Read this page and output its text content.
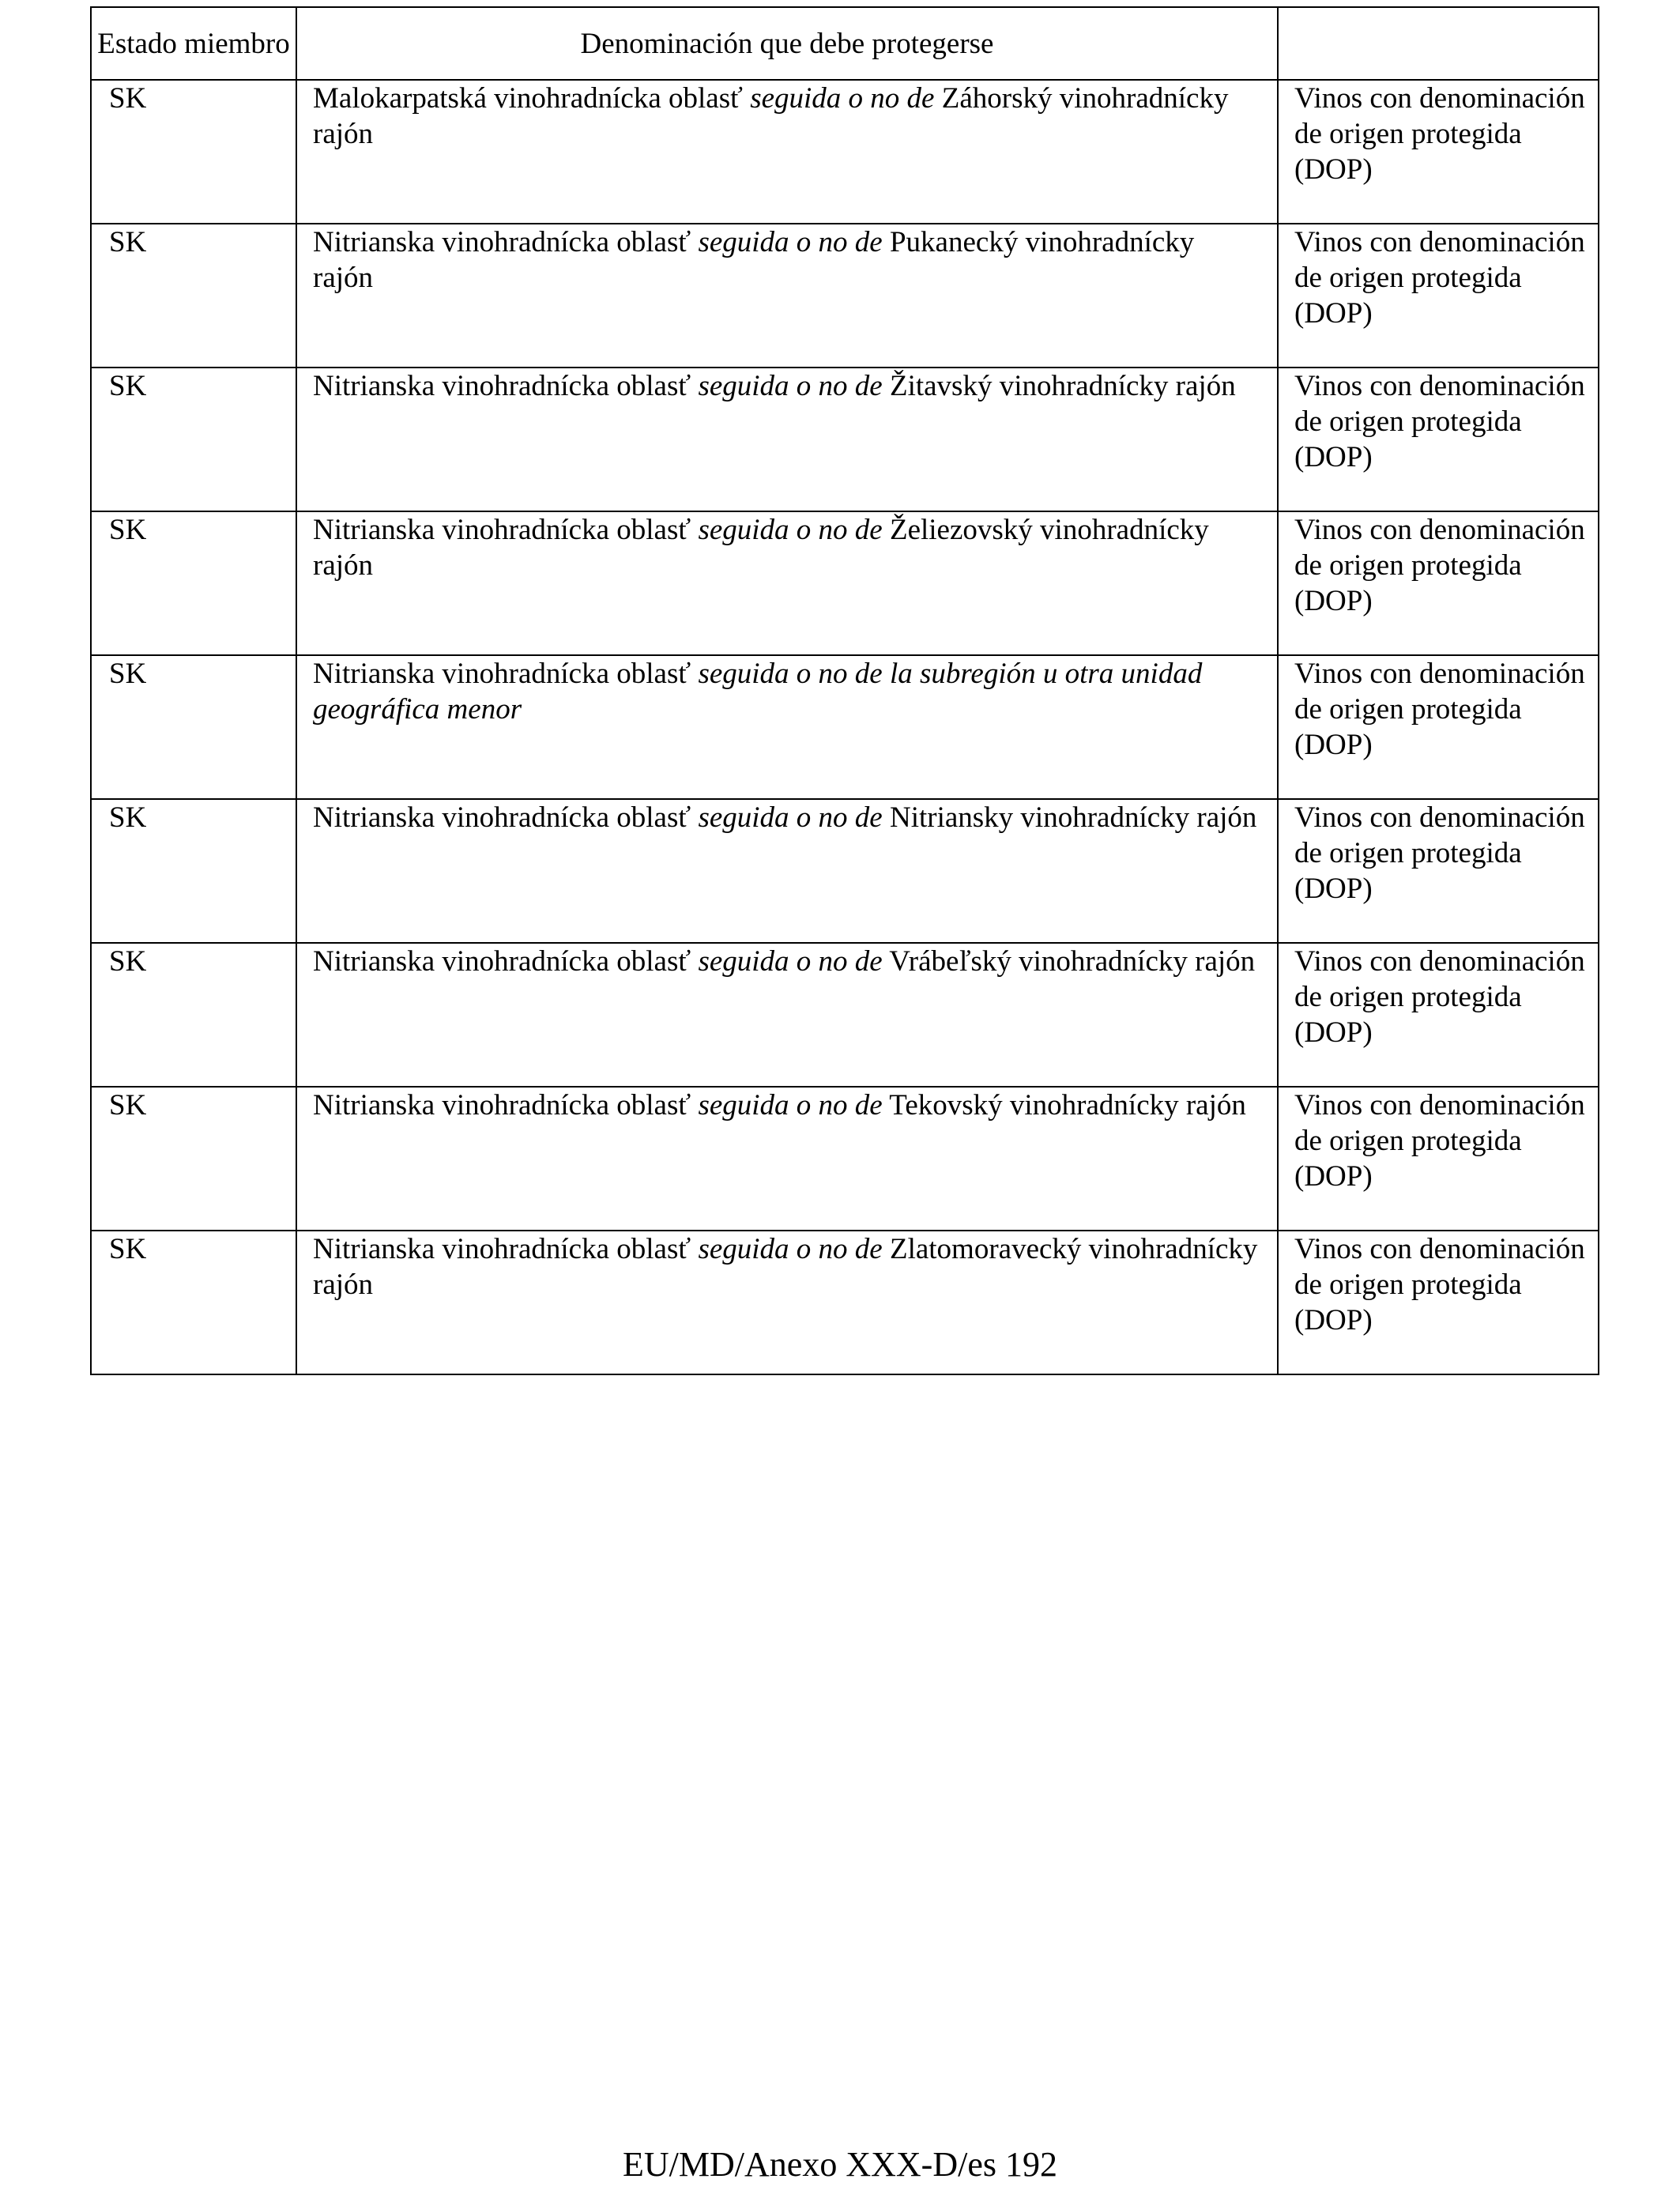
Estado miembro	Denominación que debe protegerse	
SK	Malokarpatská vinohradnícka oblasť seguida o no de Záhorský vinohradnícky rajón	Vinos con denominación de origen protegida (DOP)
SK	Nitrianska vinohradnícka oblasť seguida o no de Pukanecký vinohradnícky rajón	Vinos con denominación de origen protegida (DOP)
SK	Nitrianska vinohradnícka oblasť seguida o no de Žitavský vinohradnícky rajón	Vinos con denominación de origen protegida (DOP)
SK	Nitrianska vinohradnícka oblasť seguida o no de Želiezovský vinohradnícky rajón	Vinos con denominación de origen protegida (DOP)
SK	Nitrianska vinohradnícka oblasť seguida o no de la subregión u otra unidad geográfica menor	Vinos con denominación de origen protegida (DOP)
SK	Nitrianska vinohradnícka oblasť seguida o no de Nitriansky vinohradnícky rajón	Vinos con denominación de origen protegida (DOP)
SK	Nitrianska vinohradnícka oblasť seguida o no de Vrábeľský vinohradnícky rajón	Vinos con denominación de origen protegida (DOP)
SK	Nitrianska vinohradnícka oblasť seguida o no de Tekovský vinohradnícky rajón	Vinos con denominación de origen protegida (DOP)
SK	Nitrianska vinohradnícka oblasť seguida o no de Zlatomoravecký vinohradnícky rajón	Vinos con denominación de origen protegida (DOP)
EU/MD/Anexo XXX-D/es 192
